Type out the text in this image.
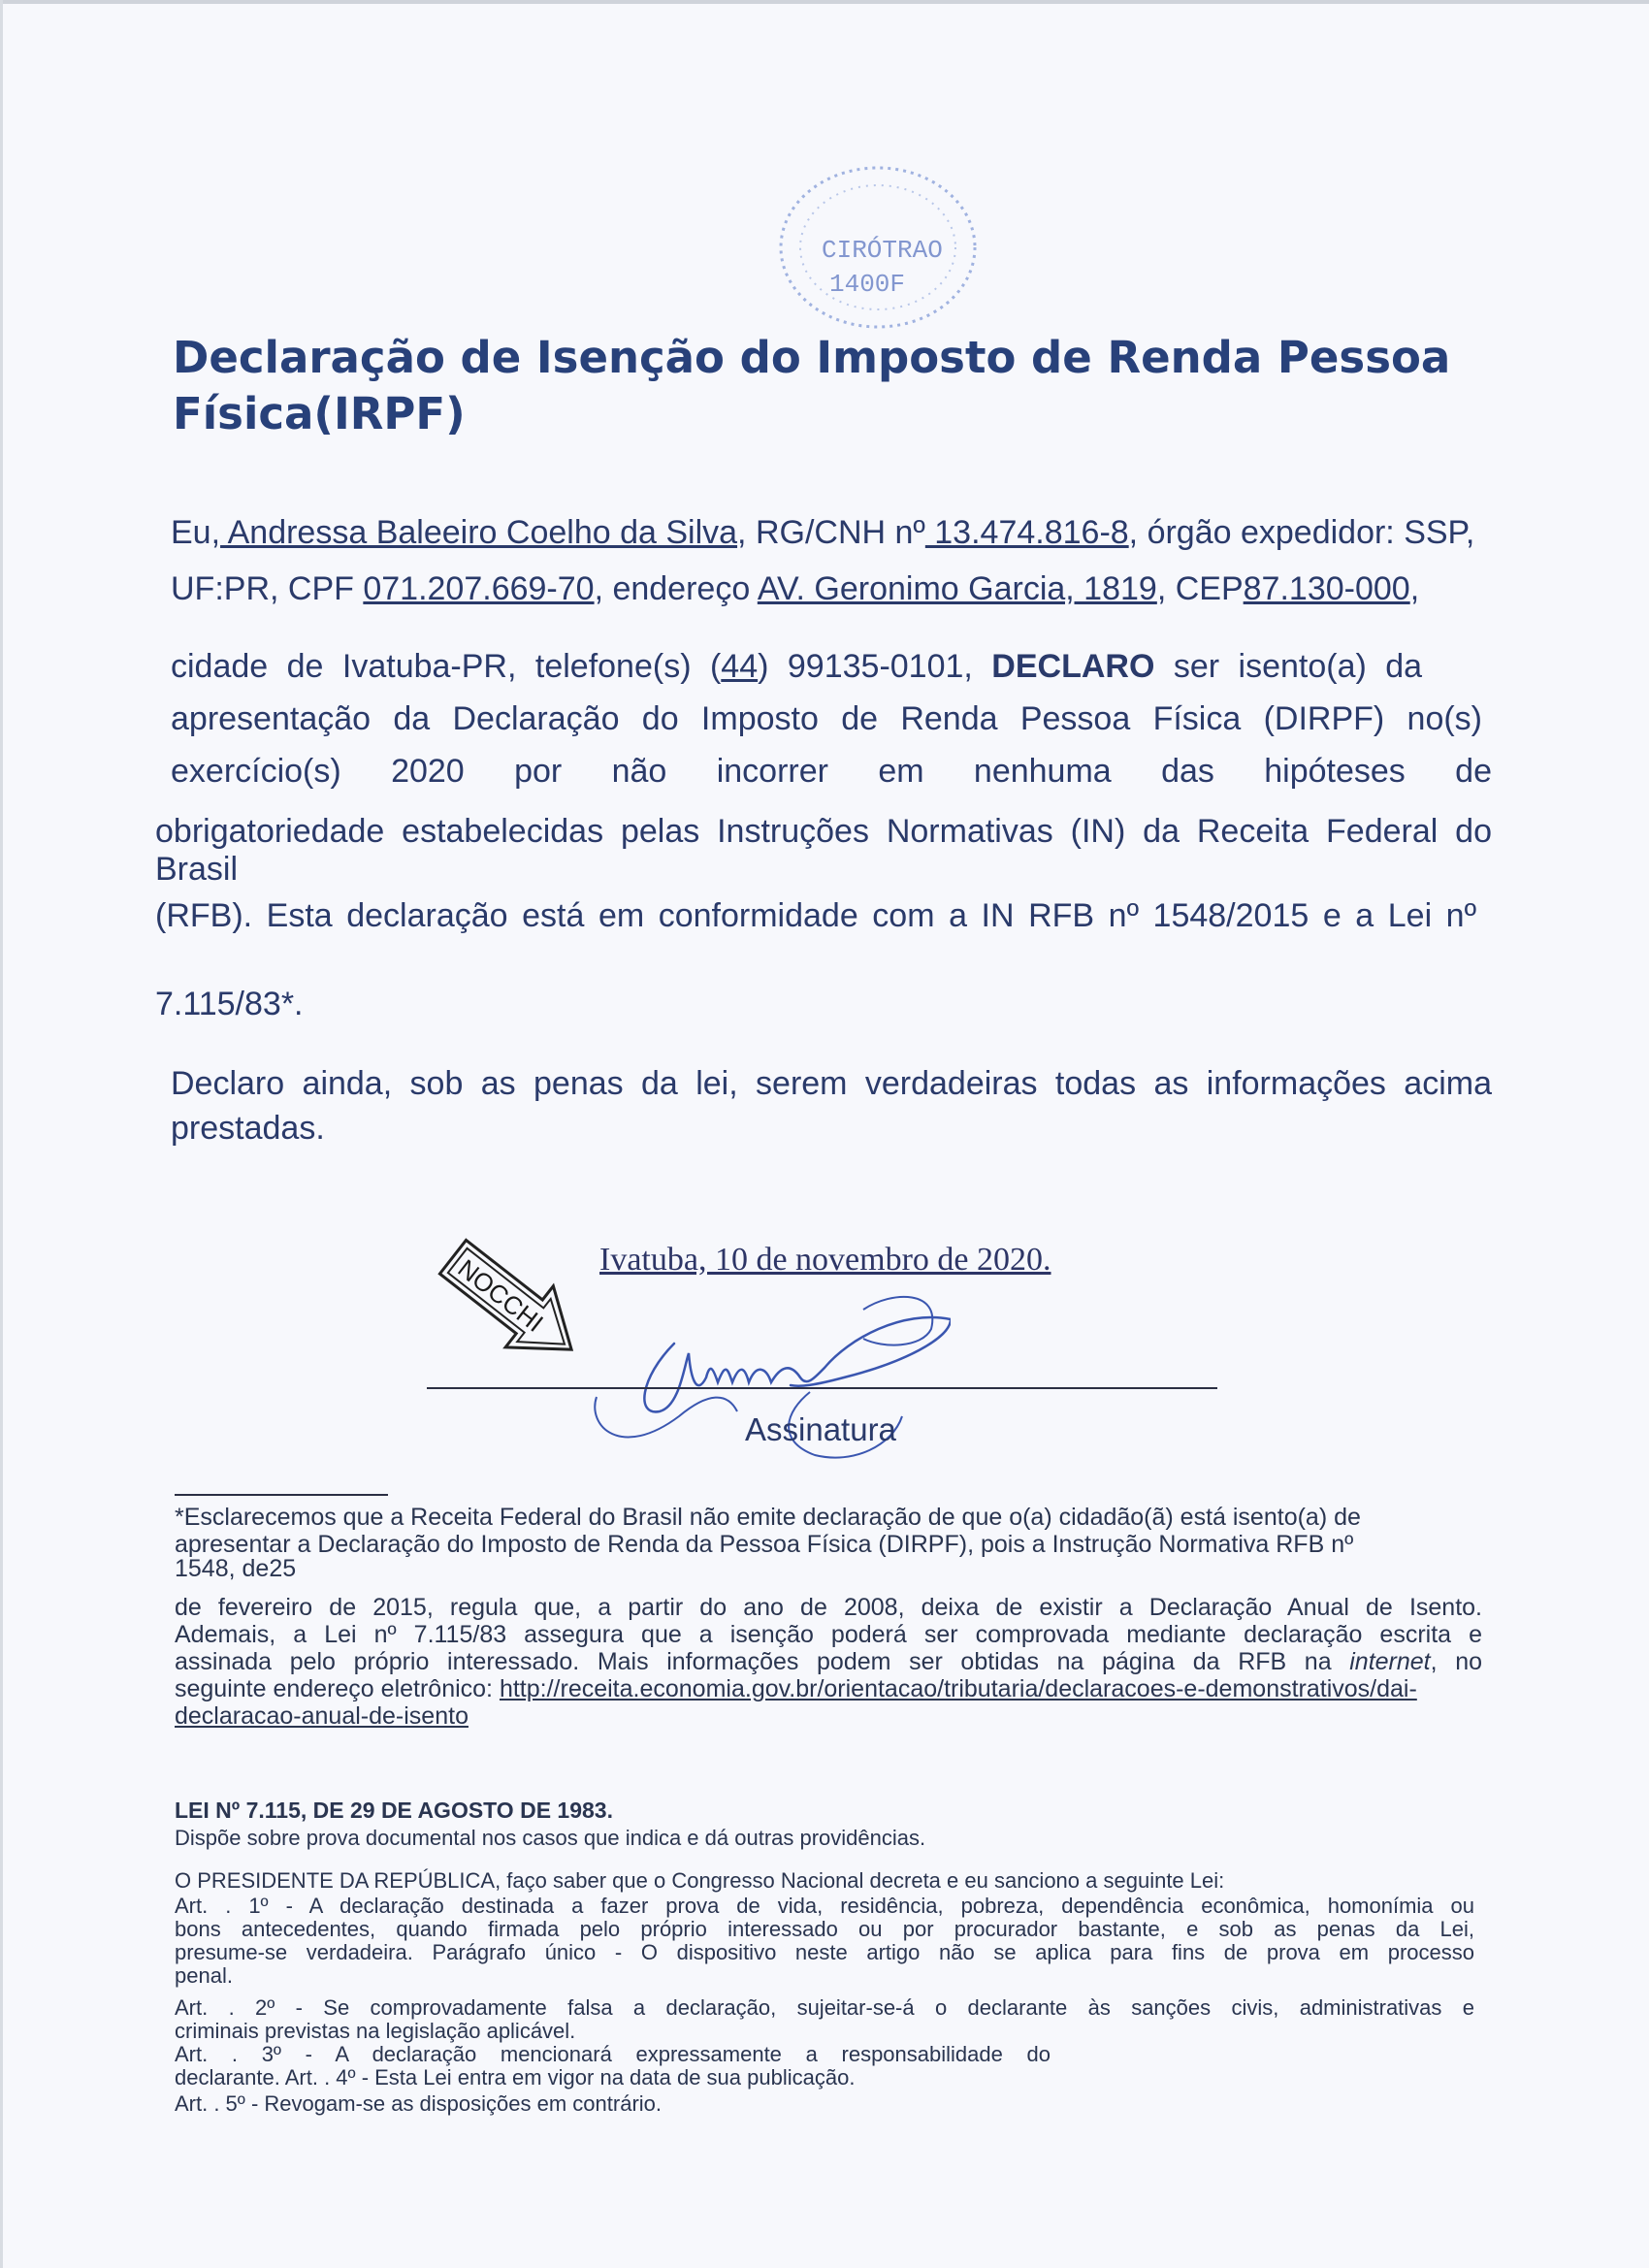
CIRÓTRAO
1400F
Declaração de Isenção do Imposto de Renda Pessoa Física(IRPF)
Eu, Andressa Baleeiro Coelho da Silva, RG/CNH nº 13.474.816-8, órgão expedidor: SSP,
UF:PR, CPF 071.207.669-70, endereço AV. Geronimo Garcia, 1819, CEP87.130-000,
cidade de Ivatuba-PR, telefone(s) (44) 99135-0101, DECLARO ser isento(a) da
apresentação da Declaração do Imposto de Renda Pessoa Física (DIRPF) no(s)
exercício(s) 2020 por não incorrer em nenhuma das hipóteses de
obrigatoriedade estabelecidas pelas Instruções Normativas (IN) da Receita Federal do Brasil
(RFB). Esta declaração está em conformidade com a IN RFB nº 1548/2015 e a Lei nº
7.115/83*.
Declaro ainda, sob as penas da lei, serem verdadeiras todas as informações acima
prestadas.
Ivatuba, 10 de novembro de 2020.
NOCCHI
Assinatura
*Esclarecemos que a Receita Federal do Brasil não emite declaração de que o(a) cidadão(ã) está isento(a) de
apresentar a Declaração do Imposto de Renda da Pessoa Física (DIRPF), pois a Instrução Normativa RFB nº
1548, de25
de fevereiro de 2015, regula que, a partir do ano de 2008, deixa de existir a Declaração Anual de Isento.
Ademais, a Lei nº 7.115/83 assegura que a isenção poderá ser comprovada mediante declaração escrita e
assinada pelo próprio interessado. Mais informações podem ser obtidas na página da RFB na internet, no
seguinte endereço eletrônico: http://receita.economia.gov.br/orientacao/tributaria/declaracoes-e-demonstrativos/dai-
declaracao-anual-de-isento
LEI Nº 7.115, DE 29 DE AGOSTO DE 1983.
Dispõe sobre prova documental nos casos que indica e dá outras providências.
O PRESIDENTE DA REPÚBLICA, faço saber que o Congresso Nacional decreta e eu sanciono a seguinte Lei:
Art. . 1º - A declaração destinada a fazer prova de vida, residência, pobreza, dependência econômica, homonímia ou
bons antecedentes, quando firmada pelo próprio interessado ou por procurador bastante, e sob as penas da Lei,
presume-se verdadeira. Parágrafo único - O dispositivo neste artigo não se aplica para fins de prova em processo
penal.
Art. . 2º - Se comprovadamente falsa a declaração, sujeitar-se-á o declarante às sanções civis, administrativas e
criminais previstas na legislação aplicável.
Art. . 3º - A declaração mencionará expressamente a responsabilidade do
declarante. Art. . 4º - Esta Lei entra em vigor na data de sua publicação.
Art. . 5º - Revogam-se as disposições em contrário.
